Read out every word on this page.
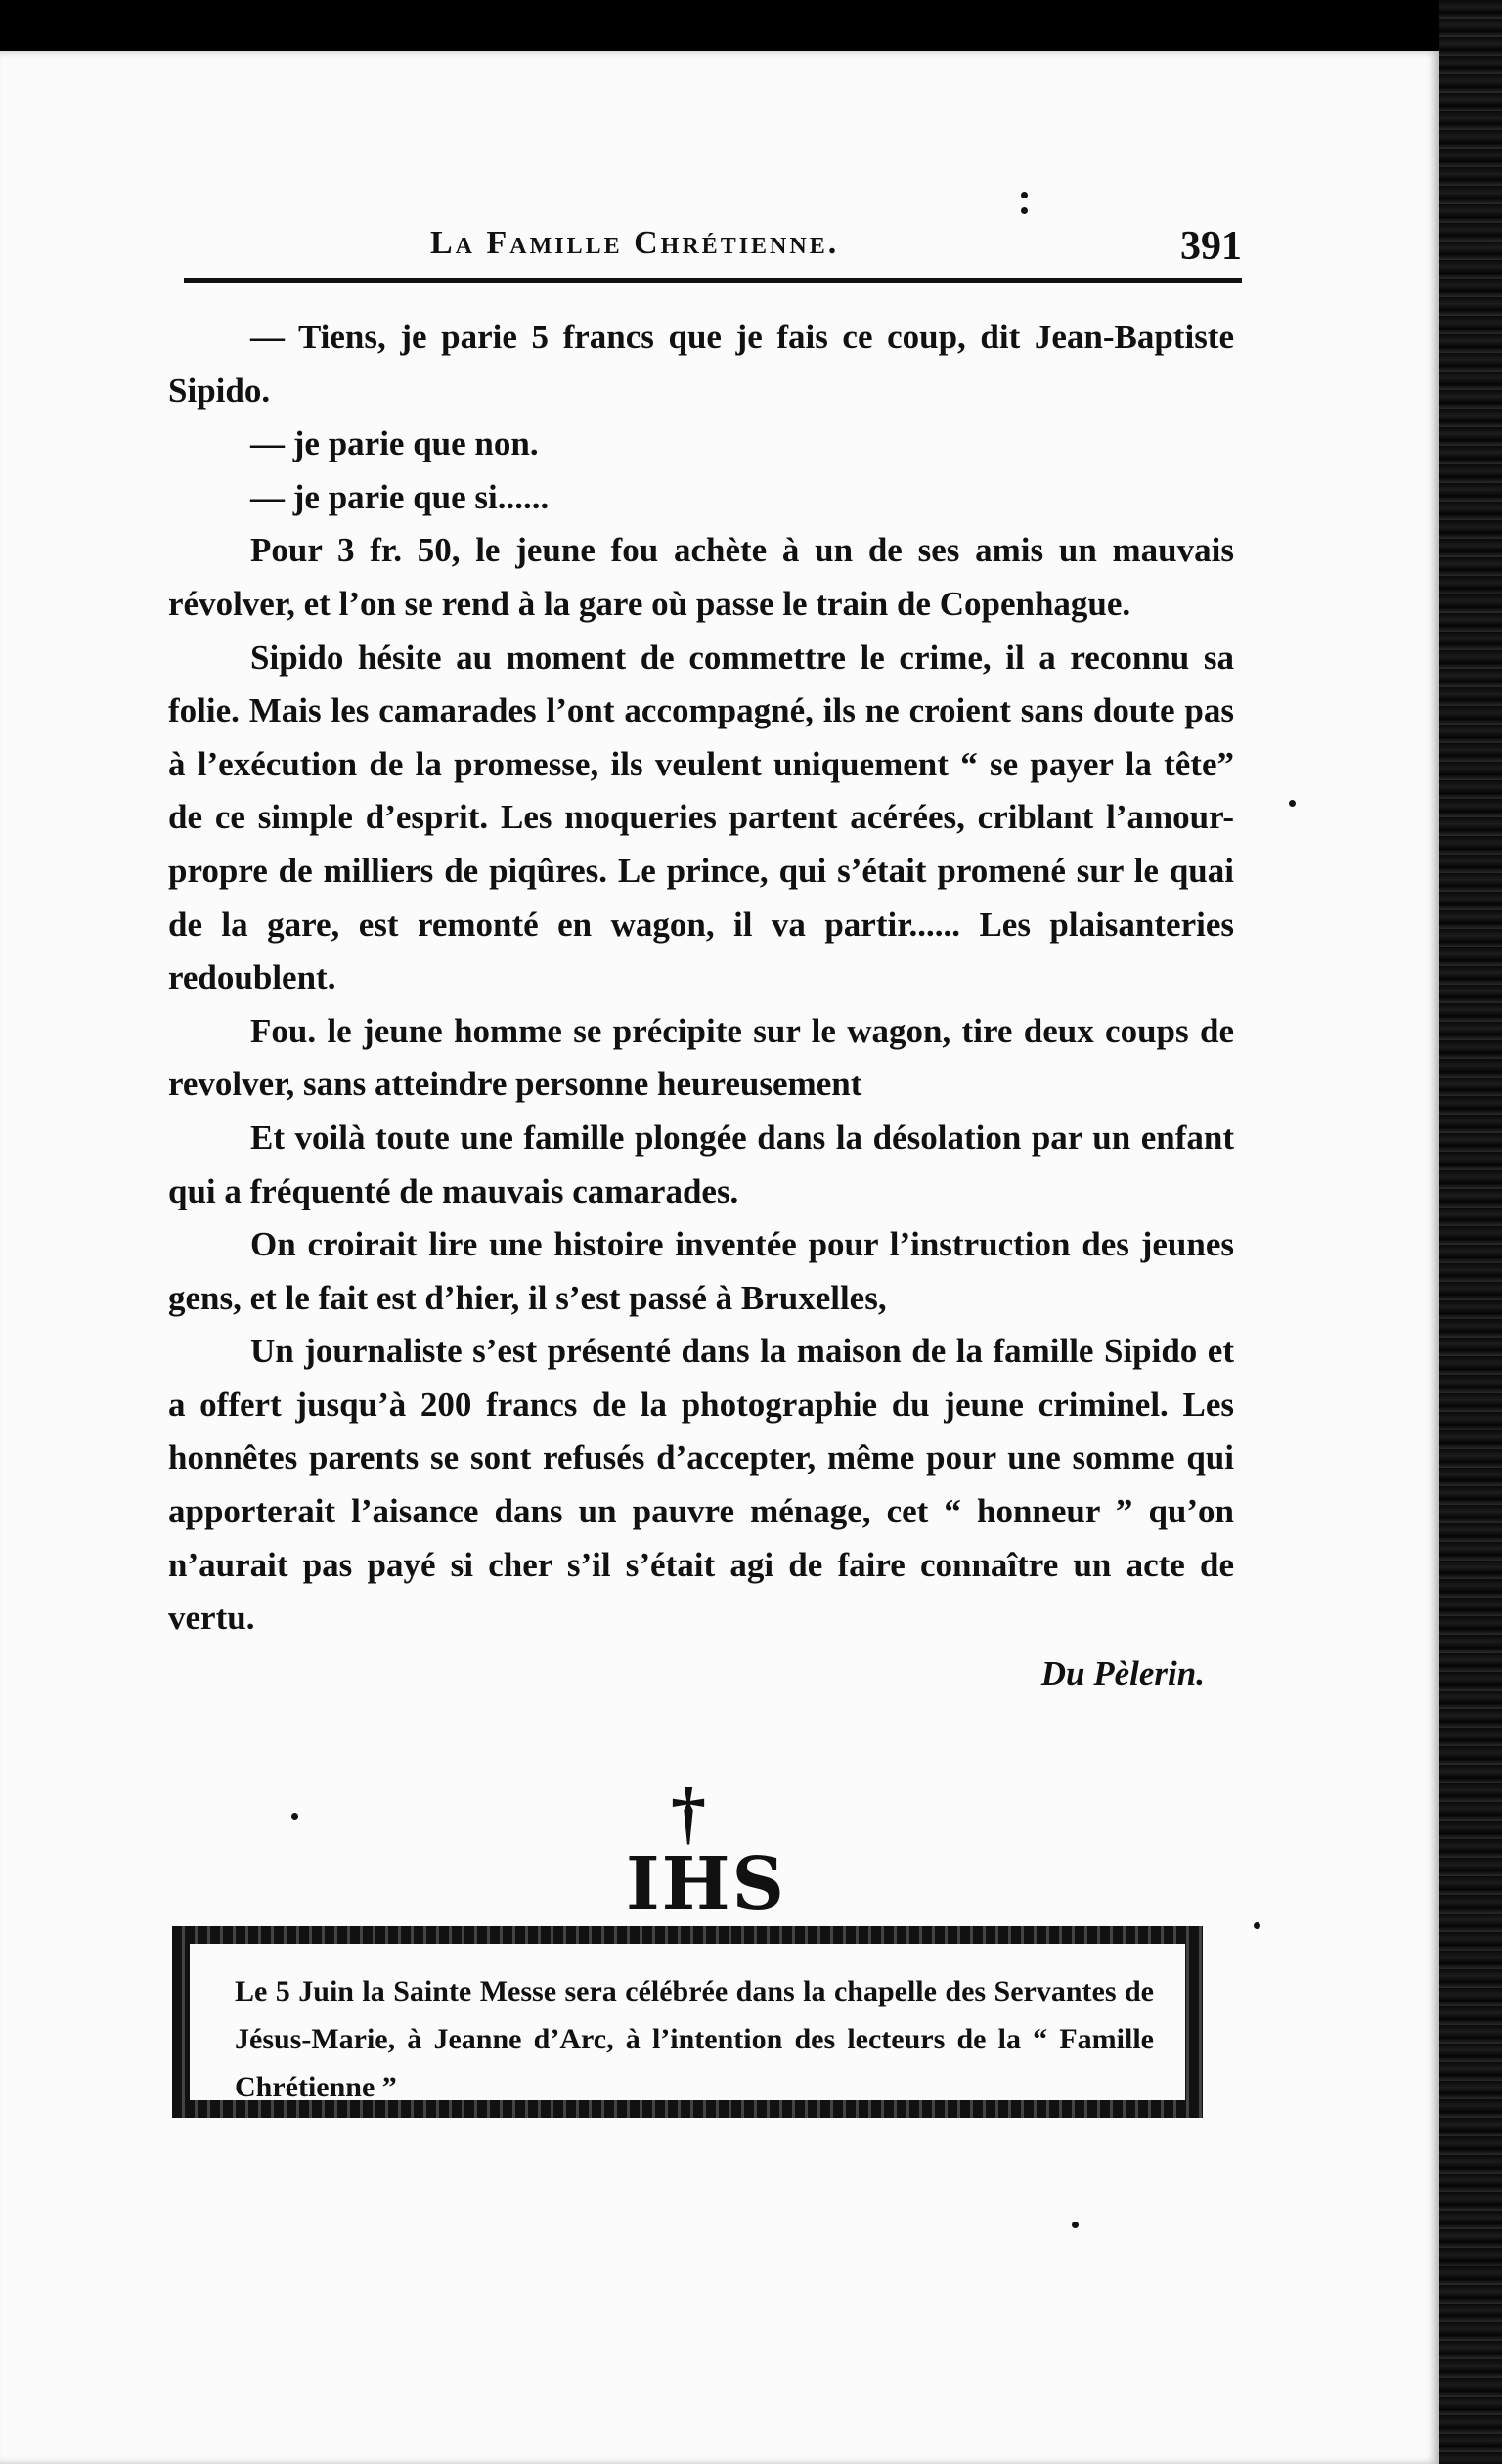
La Famille Chrétienne.	391

— Tiens, je parie 5 francs que je fais ce coup, dit Jean-Baptiste Sipido.

— je parie que non.

— je parie que si......

Pour 3 fr. 50, le jeune fou achète à un de ses amis un mauvais révolver, et l’on se rend à la gare où passe le train de Copenhague.

Sipido hésite au moment de commettre le crime, il a reconnu sa folie. Mais les camarades l’ont accompagné, ils ne croient sans doute pas à l’exécution de la promesse, ils veulent uniquement “ se payer la tête” de ce simple d’esprit. Les moqueries partent acérées, criblant l’amour-propre de milliers de piqûres. Le prince, qui s’était promené sur le quai de la gare, est remonté en wagon, il va partir...... Les plaisanteries redoublent.

Fou. le jeune homme se précipite sur le wagon, tire deux coups de revolver, sans atteindre personne heureusement

Et voilà toute une famille plongée dans la désolation par un enfant qui a fréquenté de mauvais camarades.

On croirait lire une histoire inventée pour l’instruction des jeunes gens, et le fait est d’hier, il s’est passé à Bruxelles,

Un journaliste s’est présenté dans la maison de la famille Sipido et a offert jusqu’à 200 francs de la photographie du jeune criminel. Les honnêtes parents se sont refusés d’accepter, même pour une somme qui apporterait l’aisance dans un pauvre ménage, cet “ honneur ” qu’on n’aurait pas payé si cher s’il s’était agi de faire connaître un acte de vertu.

Du Pèlerin.
†
IHS
Le 5 Juin la Sainte Messe sera célébrée dans la chapelle des Servantes de Jésus-Marie, à Jeanne d’Arc, à l’intention des lecteurs de la “ Famille Chrétienne ”
